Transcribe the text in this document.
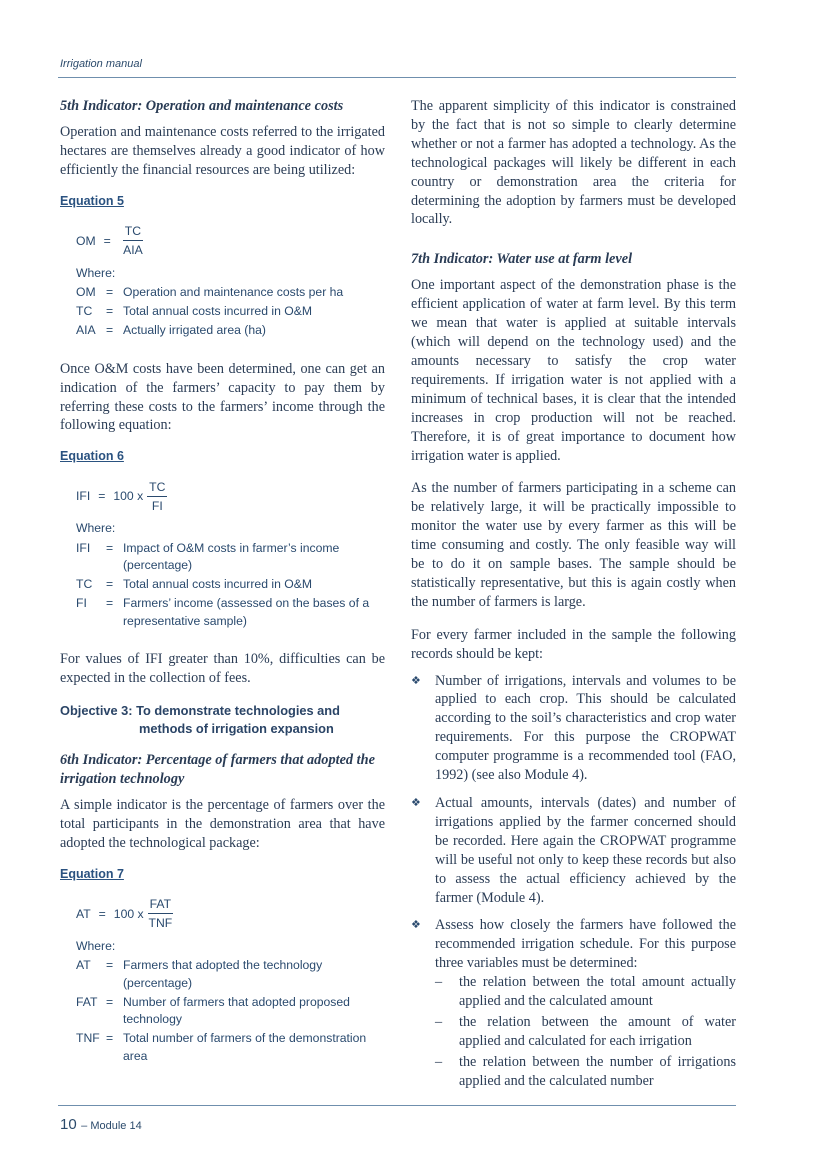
Irrigation manual
5th Indicator: Operation and maintenance costs

Operation and maintenance costs referred to the irrigated hectares are themselves already a good indicator of how efficiently the financial resources are being utilized:

Equation 5
OM = $\frac{TC}{\text{AIA}}$
Where:
OM = Operation and maintenance costs per ha
TC	= Total annual costs incurred in O&M
AIA = Actually irrigated area (ha)

Once O&M costs have been determined, one can get an indication of the farmers’ capacity to pay them by referring these costs to the farmers’ income through the following equation:

Equation 6
IFI = 100 x $\frac{TC}{FI}$
Where:
IFI	= Impact of O&M costs in farmer’s income (percentage)
TC	= Total annual costs incurred in O&M
FI	= Farmers’ income (assessed on the bases of a representative sample)

For values of IFI greater than 10%, difficulties can be expected in the collection of fees.

Objective 3: To demonstrate technologies and
methods of irrigation expansion
6th Indicator: Percentage of farmers that adopted the irrigation technology

A simple indicator is the percentage of farmers over the total participants in the demonstration area that have adopted the technological package:

Equation 7
AT = 100 x $\frac{\text{FAT}}{\text{TNF}}$
Where:
AT	= Farmers that adopted the technology (percentage)
FAT = Number of farmers that adopted proposed technology
TNF = Total number of farmers of the demonstration area

The apparent simplicity of this indicator is constrained by the fact that is not so simple to clearly determine whether or not a farmer has adopted a technology. As the technological packages will likely be different in each country or demonstration area the criteria for determining the adoption by farmers must be developed locally.

7th Indicator: Water use at farm level

One important aspect of the demonstration phase is the efficient application of water at farm level. By this term we mean that water is applied at suitable intervals (which will depend on the technology used) and the amounts necessary to satisfy the crop water requirements. If irrigation water is not applied with a minimum of technical bases, it is clear that the intended increases in crop production will not be reached. Therefore, it is of great importance to document how irrigation water is applied.

As the number of farmers participating in a scheme can be relatively large, it will be practically impossible to monitor the water use by every farmer as this will be time consuming and costly. The only feasible way will be to do it on sample bases. The sample should be statistically representative, but this is again costly when the number of farmers is large.

For every farmer included in the sample the following records should be kept:

❖ Number of irrigations, intervals and volumes to be applied to each crop. This should be calculated according to the soil’s characteristics and crop water requirements. For this purpose the CROPWAT computer programme is a recommended tool (FAO, 1992) (see also Module 4).
❖ Actual amounts, intervals (dates) and number of irrigations applied by the farmer concerned should be recorded. Here again the CROPWAT programme will be useful not only to keep these records but also to assess the actual efficiency achieved by the farmer (Module 4).
❖ Assess how closely the farmers have followed the recommended irrigation schedule. For this purpose three variables must be determined:
– the relation between the total amount actually applied and the calculated amount
– the relation between the amount of water applied and calculated for each irrigation
– the relation between the number of irrigations applied and the calculated number
10 – Module 14
